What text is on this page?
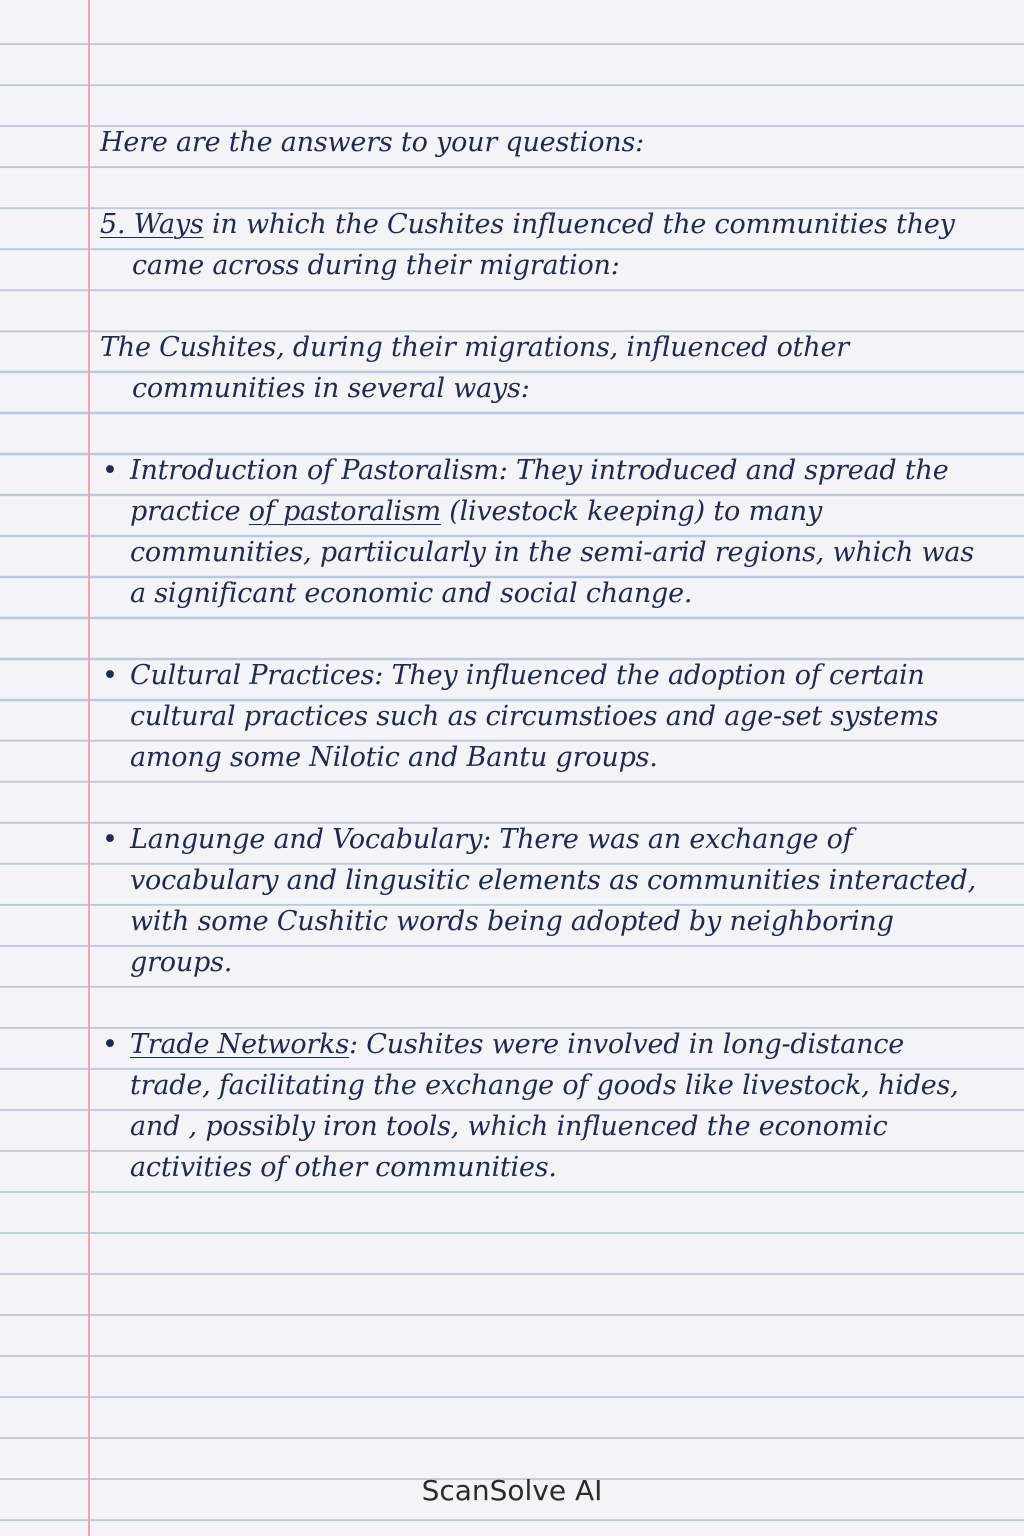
Here are the answers to your questions:

5. Ways in which the Cushites influenced the communities they came across during their migration:

The Cushites, during their migrations, influenced other communities in several ways:

• Introduction of Pastoralism: They introduced and spread the practice of pastoralism (livestock keeping) to many communities, partiicularly in the semi-arid regions, which was a significant economic and social change.
• Cultural Practices: They influenced the adoption of certain cultural practices such as circumstioes and age-set systems among some Nilotic and Bantu groups.
• Langunge and Vocabulary: There was an exchange of vocabulary and lingusitic elements as communities interacted, with some Cushitic words being adopted by neighboring groups.
• Trade Networks: Cushites were involved in long-distance trade, facilitating the exchange of goods like livestock, hides, and , possibly iron tools, which influenced the economic activities of other communities.
ScanSolve AI
